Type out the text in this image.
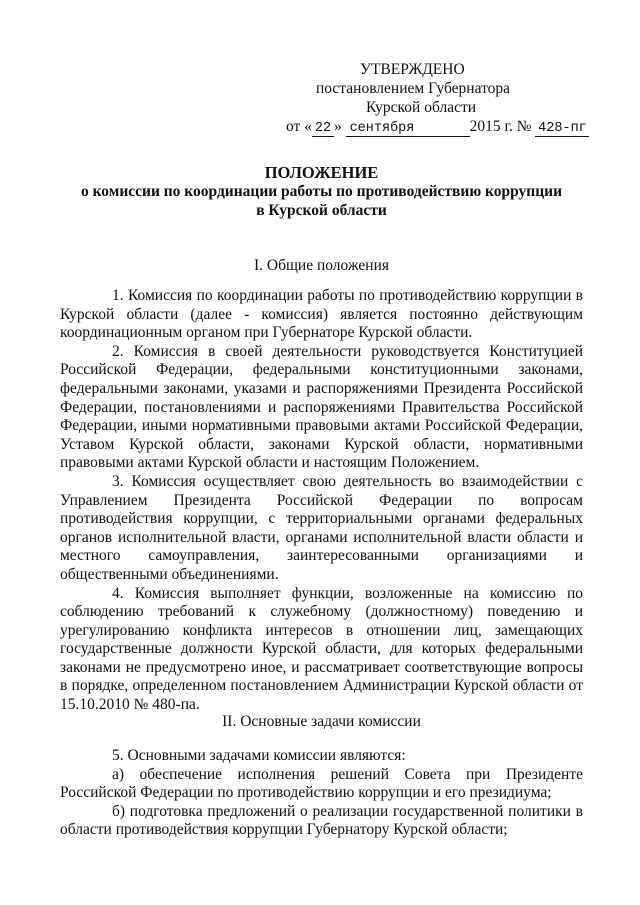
УТВЕРЖДЕНО
постановлением Губернатора
Курской области
от « 22 » сентября	2015 г. № 428-пг
ПОЛОЖЕНИЕ
о комиссии по координации работы по противодействию коррупции
в Курской области
I. Общие положения

1. Комиссия по координации работы по противодействию коррупции в Курской области (далее - комиссия) является постоянно действующим координационным органом при Губернаторе Курской области.

2. Комиссия в своей деятельности руководствуется Конституцией Российской Федерации, федеральными конституционными законами, федеральными законами, указами и распоряжениями Президента Российской Федерации, постановлениями и распоряжениями Правительства Российской Федерации, иными нормативными правовыми актами Российской Федерации, Уставом Курской области, законами Курской области, нормативными правовыми актами Курской области и настоящим Положением.

3. Комиссия осуществляет свою деятельность во взаимодействии с Управлением Президента Российской Федерации по вопросам противодействия коррупции, с территориальными органами федеральных органов исполнительной власти, органами исполнительной власти области и местного самоуправления, заинтересованными организациями и общественными объединениями.

4. Комиссия выполняет функции, возложенные на комиссию по соблюдению требований к служебному (должностному) поведению и урегулированию конфликта интересов в отношении лиц, замещающих государственные должности Курской области, для которых федеральными законами не предусмотрено иное, и рассматривает соответствующие вопросы в порядке, определенном постановлением Администрации Курской области от 15.10.2010 № 480-па.

II. Основные задачи комиссии

5. Основными задачами комиссии являются:

а) обеспечение исполнения решений Совета при Президенте Российской Федерации по противодействию коррупции и его президиума;

б) подготовка предложений о реализации государственной политики в области противодействия коррупции Губернатору Курской области;
